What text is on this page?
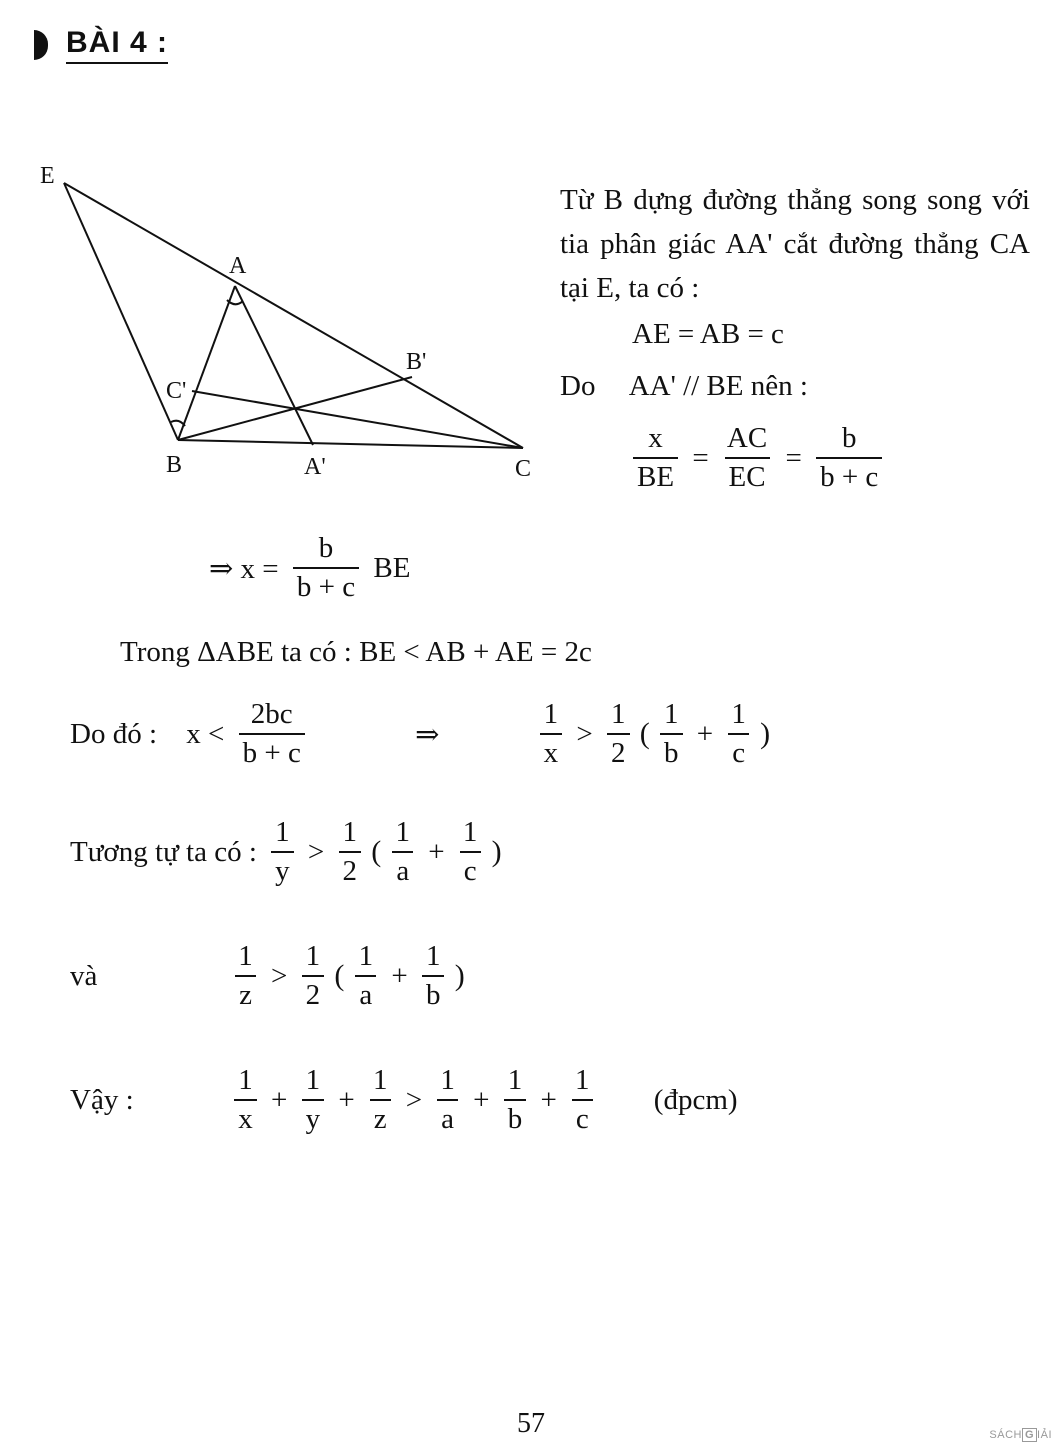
BÀI 4 :
E
A
B'
C'
B	A'	C
Từ B dựng đường thẳng song song với tia phân giác AA' cắt đường thẳng CA tại E, ta có :
AE = AB = c
Do AA' // BE nên :
$\frac{x}{BE} = \frac{AC}{EC} = \frac{b}{b + c}$
⇒ $x = \frac{b}{b + c}$ BE
Trong ΔABE ta có : BE < AB + AE = 2c
Do đó : $x < \frac{2bc}{b + c}$	⇒	$\frac{1}{x} > \frac{1}{2}$ ( $\frac{1}{b} + \frac{1}{c}$ )
Tương tự ta có : $\frac{1}{y} > \frac{1}{2}$ ( $\frac{1}{a} + \frac{1}{c}$ )
và	$\frac{1}{z} > \frac{1}{2}$ ( $\frac{1}{a} + \frac{1}{b}$ )
Vậy :	$\frac{1}{x} + \frac{1}{y} + \frac{1}{z} > \frac{1}{a} + \frac{1}{b} + \frac{1}{c}$ (đpcm)
57	SÁCH G IẢI
